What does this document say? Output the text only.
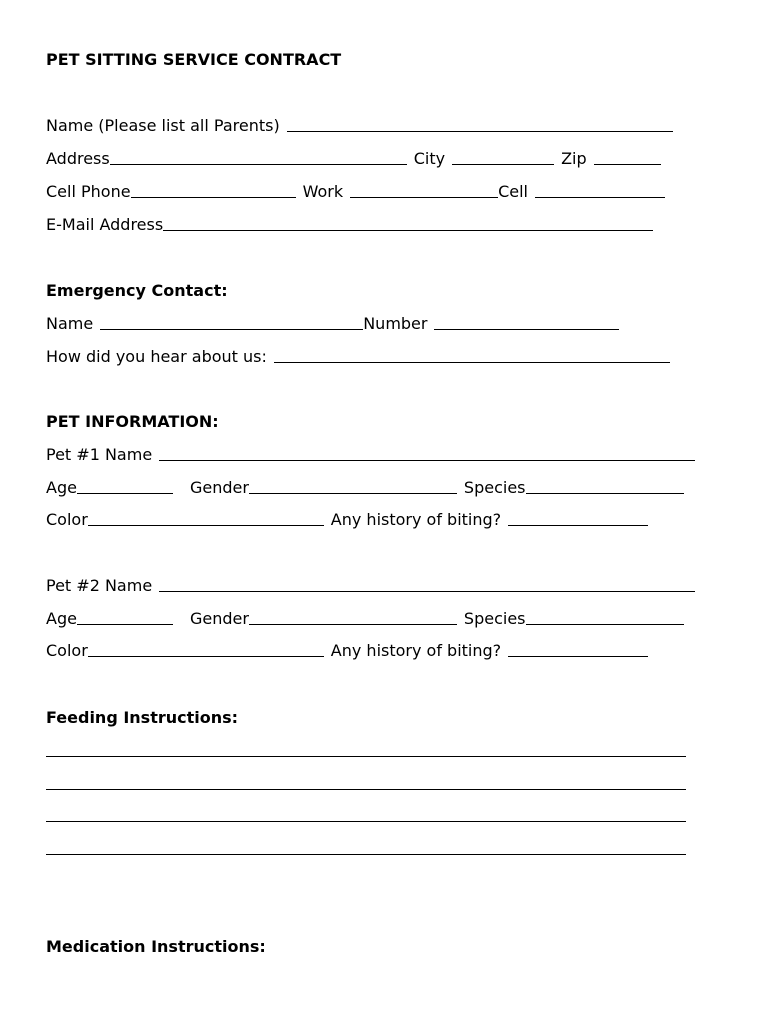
PET SITTING SERVICE CONTRACT
Name (Please list all Parents)
Address	City	Zip
Cell Phone	Work	Cell
E-Mail Address
Emergency Contact:
Name	Number
How did you hear about us:
PET INFORMATION:
Pet #1 Name
Age	Gender	Species
Color	Any history of biting?
Pet #2 Name
Age	Gender	Species
Color	Any history of biting?
Feeding Instructions:
Medication Instructions:
